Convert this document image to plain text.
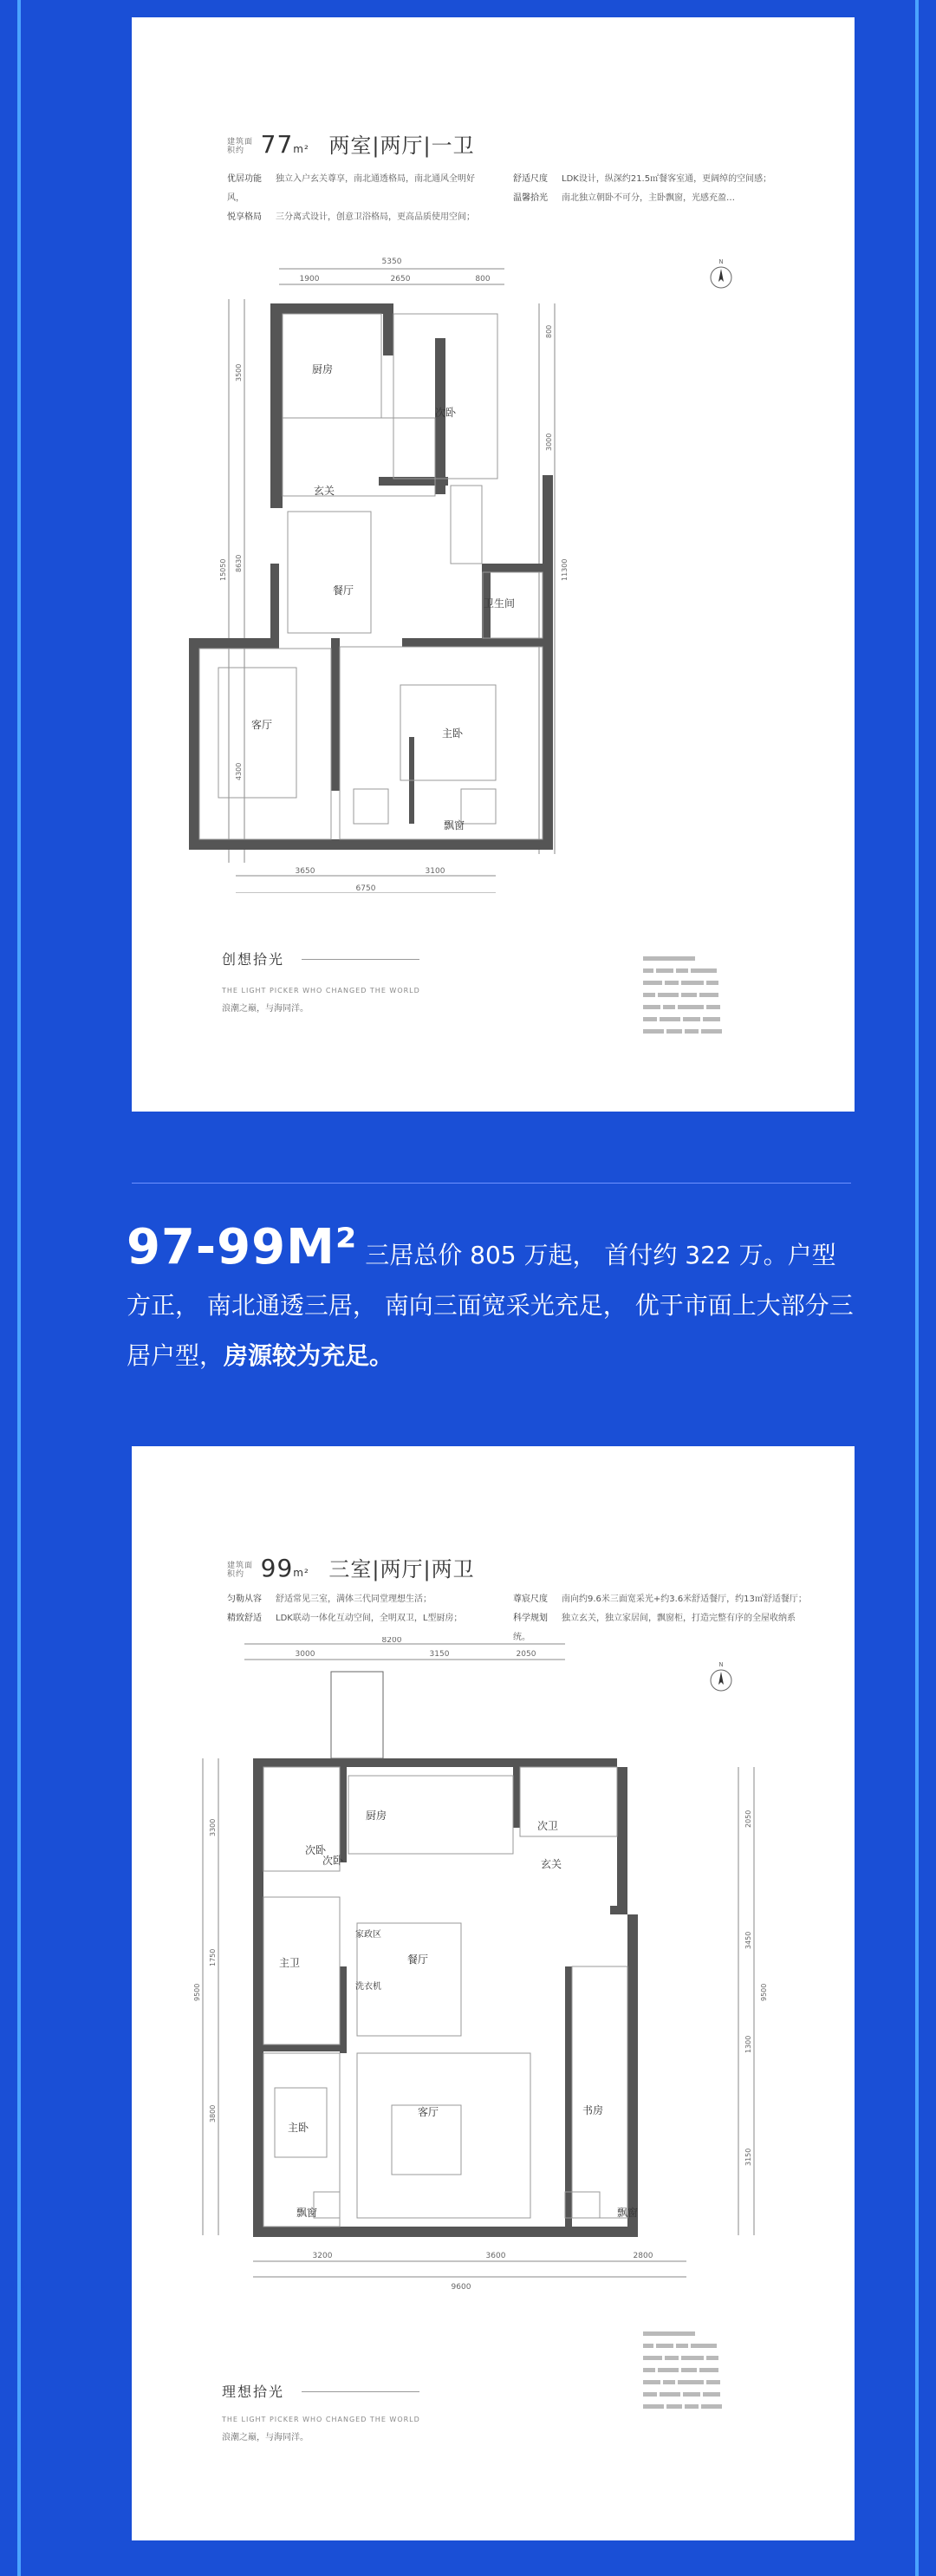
建筑面积约 77m² 两室|两厅|一卫
优居功能 独立入户玄关尊享，南北通透格局，南北通风全明好风，
悦享格局 三分离式设计，创意卫浴格局，更高品质使用空间；
舒适尺度 LDK设计，纵深约21.5㎡餐客室通，更阔绰的空间感；
温馨拾光 南北独立朝卧不可分，主卧飘窗，光感充盈…
5350
1900	2650	800
3650	3100
6750
3500
8630
4300
15050
800
3000
11300
N
厨房
次卧
玄关
卫生间
餐厅
客厅
主卧
飘窗
创想拾光
THE LIGHT PICKER WHO CHANGED THE WORLD
浪潮之巅，与海同洋。
97-99M² 三居总价 805 万起， 首付约 322 万。户型方正， 南北通透三居， 南向三面宽采光充足， 优于市面上大部分三居户型，房源较为充足。
建筑面积约 99m² 三室|两厅|两卫
匀勒从容 舒适常见三室，满体三代同堂理想生活；
精致舒适 LDK联动一体化互动空间，全明双卫，L型厨房；
尊宸尺度 南向约9.6米三面宽采光+约3.6米舒适餐厅，约13㎡舒适餐厅；
科学规划 独立玄关，独立家居间，飘窗柜，打造完整有序的全屋收纳系统。
8200
3000	3150	2050
3200	3600	2800
9600
3300
1750
3800
9500
2050
3450
1300
3150
9500
N
厨房
次卧
次卫
玄关
次卧
主卫	餐厅
家政区
洗衣机
主卧
客厅	书房
飘窗	飘窗
理想拾光
THE LIGHT PICKER WHO CHANGED THE WORLD
浪潮之巅，与海同洋。
